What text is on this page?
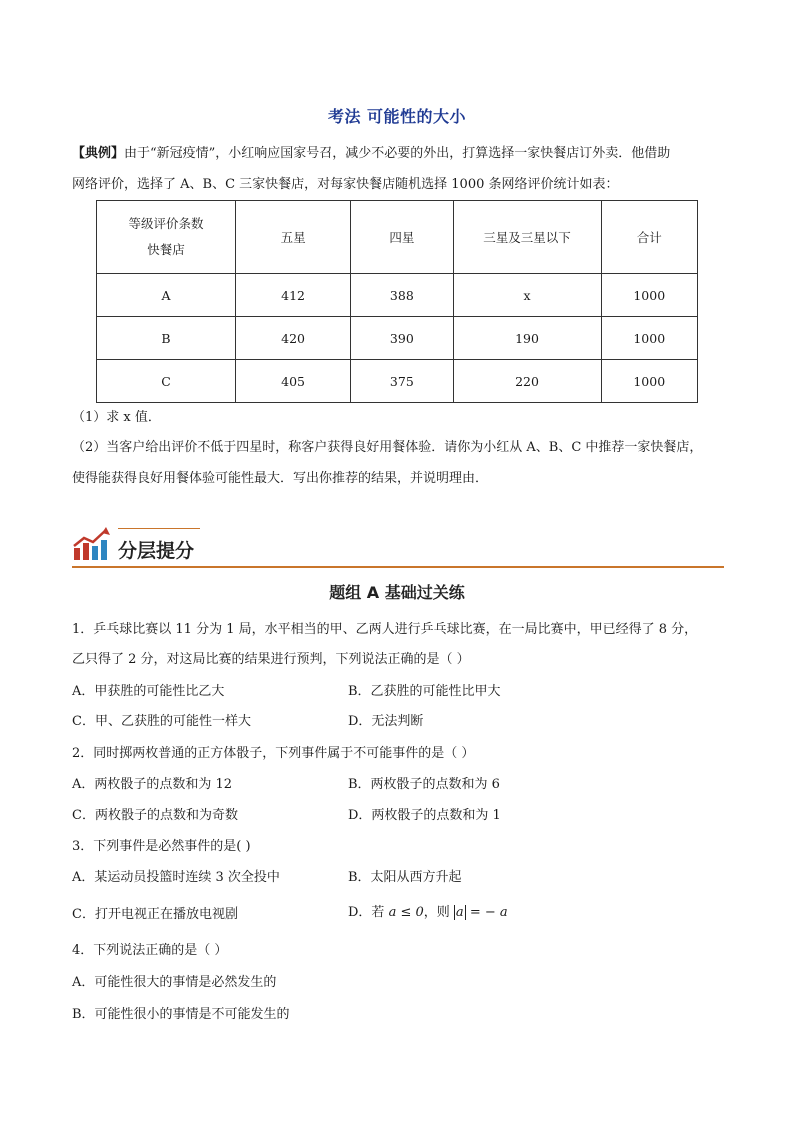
考法 可能性的大小
【典例】由于“新冠疫情”，小红响应国家号召，减少不必要的外出，打算选择一家快餐店订外卖．他借助
网络评价，选择了 A、B、C 三家快餐店，对每家快餐店随机选择 1000 条网络评价统计如表：
等级评价条数
快餐店	五星	四星	三星及三星以下	合计
A	412	388	x	1000
B	420	390	190	1000
C	405	375	220	1000
（1）求 x 值．
（2）当客户给出评价不低于四星时，称客户获得良好用餐体验．请你为小红从 A、B、C 中推荐一家快餐店，
使得能获得良好用餐体验可能性最大．写出你推荐的结果，并说明理由．
分层提分
题组 A 基础过关练
1．乒乓球比赛以 11 分为 1 局，水平相当的甲、乙两人进行乒乓球比赛，在一局比赛中，甲已经得了 8 分，
乙只得了 2 分，对这局比赛的结果进行预判，下列说法正确的是（ ）
A．甲获胜的可能性比乙大	B．乙获胜的可能性比甲大
C．甲、乙获胜的可能性一样大	D．无法判断
2．同时掷两枚普通的正方体骰子，下列事件属于不可能事件的是（ ）
A．两枚骰子的点数和为 12	B．两枚骰子的点数和为 6
C．两枚骰子的点数和为奇数	D．两枚骰子的点数和为 1
3．下列事件是必然事件的是( )
A．某运动员投篮时连续 3 次全投中	B．太阳从西方升起
C．打开电视正在播放电视剧	D．若 a ≤ 0，则 a = − a
4．下列说法正确的是（ ）
A．可能性很大的事情是必然发生的
B．可能性很小的事情是不可能发生的
